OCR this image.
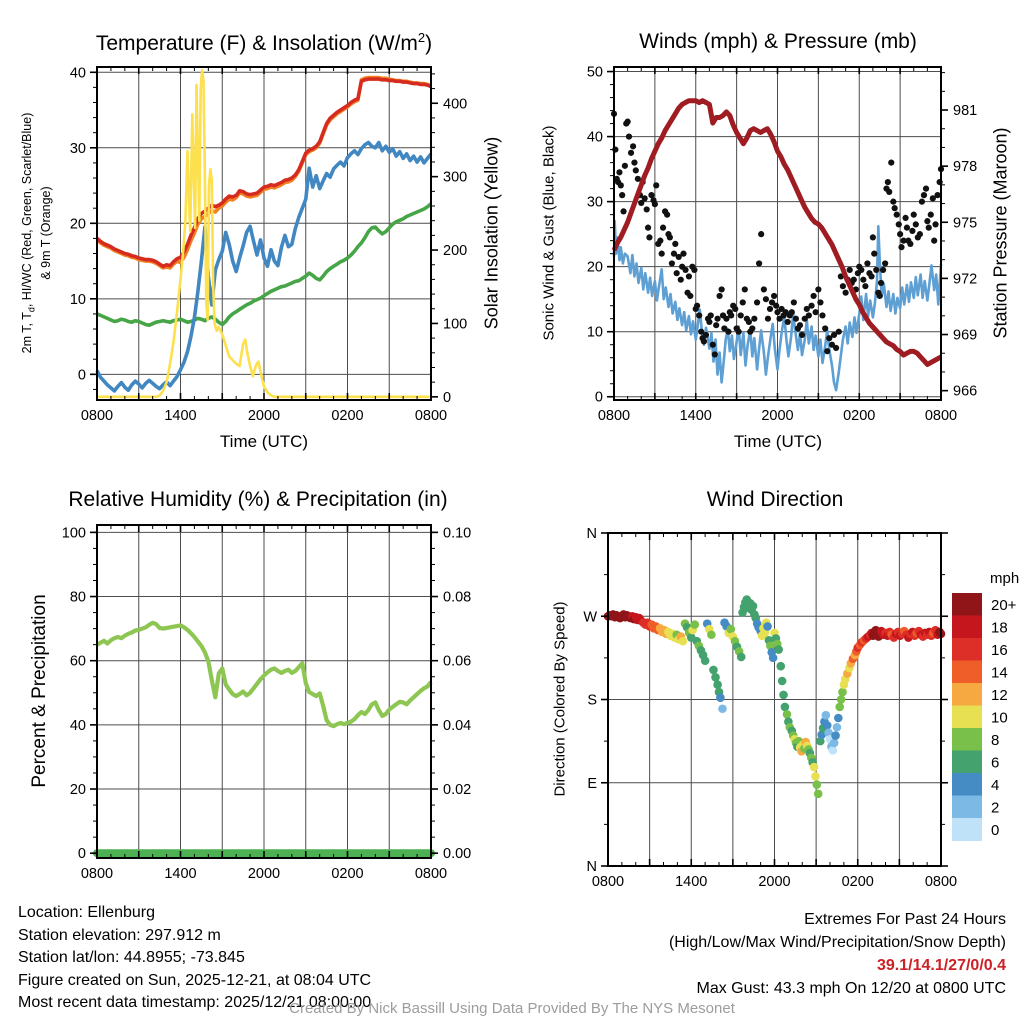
0800	1400	2000	0200	0800
0
10
20
30
40
0
100
200
300
400
0800	1400	2000	0200	0800
0
10
20
30
40
50
966
969
972
975
978
981
0800	1400	2000	0200	0800
0
20
40
60
80
100
0.00
0.02
0.04
0.06
0.08
0.10
0800	1400	2000	0200	0800
N
E
S
W
N
20+
18
16
14
12
10
8
6
4
2
0
Temperature (F) & Insolation $(W/m^2)$	Winds (mph) & Pressure (mb)
Relative Humidity (%) & Precipitation (in)	Wind Direction
Time (UTC)	Time (UTC)
2m T, $T_d$, HI/WC (Red, Green, Scarlet/Blue) & 9m T (Orange)	Solar Insolation (Yellow)	Sonic Wind & Gust (Blue, Black)	Station Pressure (Maroon)
Percent & Precipitation	Direction (Colored By Speed)
mph
Location: Ellenburg
Station elevation: 297.912 m
Station lat/lon: 44.8955; -73.845
Figure created on Sun, 2025-12-21, at 08:04 UTC
Most recent data timestamp: 2025/12/21 08:00:00
Extremes For Past 24 Hours
(High/Low/Max Wind/Precipitation/Snow Depth)
39.1/14.1/27/0/0.4
Max Gust: 43.3 mph On 12/20 at 0800 UTC
Created By Nick Bassill Using Data Provided By The NYS Mesonet
